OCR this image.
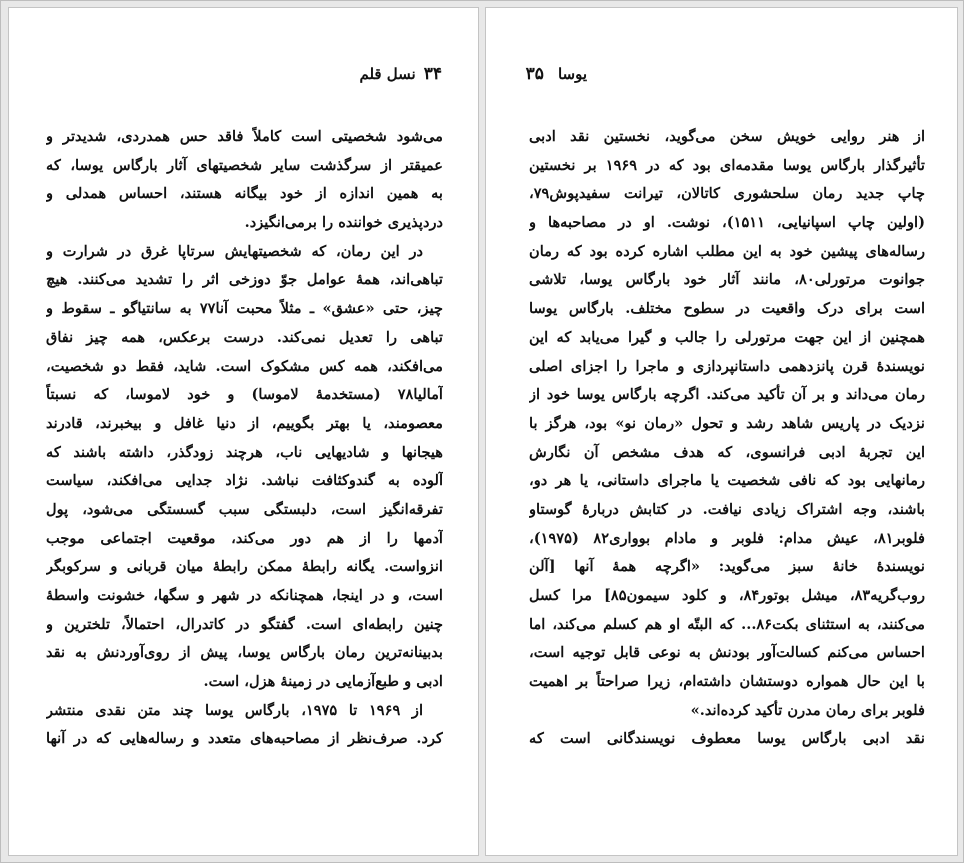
۳۴نسل قلم
می‌شود شخصیتی است کاملاً فاقد حس همدردی، شدیدتر و
عمیقتر از سرگذشت سایر شخصیتهای آثار بارگاس یوسا، که
به همین اندازه از خود بیگانه هستند، احساس همدلی و
دردپذیری خواننده را برمی‌انگیزد.
در این رمان، که شخصیتهایش سرتاپا غرق در شرارت و
تباهی‌اند، همهٔ عوامل جوّ دوزخی اثر را تشدید می‌کنند. هیچ
چیز، حتی «عشق» ـ مثلاً محبت آنا۷۷ به سانتیاگو ـ سقوط و
تباهی را تعدیل نمی‌کند. درست برعکس، همه چیز نفاق
می‌افکند، همه کس مشکوک است. شاید، فقط دو شخصیت،
آمالیا۷۸ (مستخدمهٔ لاموسا) و خود لاموسا، که نسبتاً
معصومند، یا بهتر بگوییم، از دنیا غافل و بیخبرند، قادرند
هیجانها و شادیهایی ناب، هرچند زودگذر، داشته باشند که
آلوده به گندوکثافت نباشد. نژاد جدایی می‌افکند، سیاست
تفرقه‌انگیز است، دلبستگی سبب گسستگی می‌شود، پول
آدمها را از هم دور می‌کند، موقعیت اجتماعی موجب
انزواست. یگانه رابطهٔ ممکن رابطهٔ میان قربانی و سرکوبگر
است، و در اینجا، همچنانکه در شهر و سگها، خشونت واسطهٔ
چنین رابطه‌ای است. گفتگو در کاتدرال، احتمالاً، تلخترین و
بدبینانه‌ترین رمان بارگاس یوسا، پیش از روی‌آوردنش به نقد
ادبی و طبع‌آزمایی در زمینهٔ هزل، است.
از ۱۹۶۹ تا ۱۹۷۵، بارگاس یوسا چند متن نقدی منتشر
کرد. صرف‌نظر از مصاحبه‌های متعدد و رساله‌هایی که در آنها
یوسا۳۵
از هنر روایی خویش سخن می‌گوید، نخستین نقد ادبی
تأثیرگذار بارگاس یوسا مقدمه‌ای بود که در ۱۹۶۹ بر نخستین
چاپ جدید رمان سلحشوری کاتالان، تیرانت سفیدپوش۷۹،
(اولین چاپ اسپانیایی، ۱۵۱۱)، نوشت. او در مصاحبه‌ها و
رساله‌های پیشین خود به این مطلب اشاره کرده بود که رمان
جوانوت مرتورلی۸۰، مانند آثار خود بارگاس یوسا، تلاشی
است برای درک واقعیت در سطوح مختلف. بارگاس یوسا
همچنین از این جهت مرتورلی را جالب و گیرا می‌یابد که این
نویسندهٔ قرن پانزدهمی داستانپردازی و ماجرا را اجزای اصلی
رمان می‌داند و بر آن تأکید می‌کند. اگرچه بارگاس یوسا خود از
نزدیک در پاریس شاهد رشد و تحول «رمان نو» بود، هرگز با
این تجربهٔ ادبی فرانسوی، که هدف مشخص آن نگارش
رمانهایی بود که نافی شخصیت یا ماجرای داستانی، یا هر دو،
باشند، وجه اشتراک زیادی نیافت. در کتابش دربارهٔ گوستاو
فلوبر۸۱، عیش مدام: فلوبر و مادام بوواری۸۲ (۱۹۷۵)،
نویسندهٔ خانهٔ سبز می‌گوید: «اگرچه همهٔ آنها [آلن
روب‌گریه۸۳، میشل بوتور۸۴، و کلود سیمون۸۵] مرا کسل
می‌کنند، به استثنای بکت۸۶... که البتّه او هم کسلم می‌کند، اما
احساس می‌کنم کسالت‌آور بودنش به نوعی قابل توجیه است،
با این حال همواره دوستشان داشته‌ام، زیرا صراحتاً بر اهمیت
فلوبر برای رمان مدرن تأکید کرده‌اند.»
نقد ادبی بارگاس یوسا معطوف نویسندگانی است که
